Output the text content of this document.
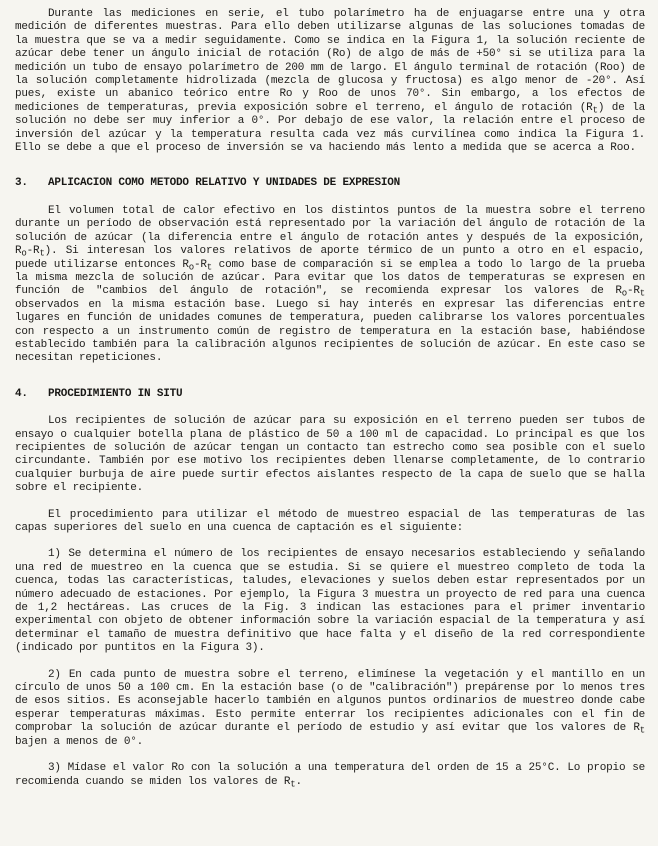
Durante las mediciones en serie, el tubo polarímetro ha de enjuagarse entre una y otra medición de diferentes muestras. Para ello deben utilizarse algunas de las soluciones tomadas de la muestra que se va a medir seguidamente. Como se indica en la Figura 1, la solución reciente de azúcar debe tener un ángulo inicial de rotación (Ro) de algo de más de +50° si se utiliza para la medición un tubo de ensayo polarímetro de 200 mm de largo. El ángulo terminal de rotación (Roo) de la solución completamente hidrolizada (mezcla de glucosa y fructosa) es algo menor de -20°. Así pues, existe un abanico teórico entre Ro y Roo de unos 70°. Sin embargo, a los efectos de mediciones de temperaturas, previa exposición sobre el terreno, el ángulo de rotación $(R_t)$ de la solución no debe ser muy inferior a 0°. Por debajo de ese valor, la relación entre el proceso de inversión del azúcar y la temperatura resulta cada vez más curvilínea como indica la Figura 1. Ello se debe a que el proceso de inversión se va haciendo más lento a medida que se acerca a Roo.

3. APLICACION COMO METODO RELATIVO Y UNIDADES DE EXPRESION

El volumen total de calor efectivo en los distintos puntos de la muestra sobre el terreno durante un período de observación está representado por la variación del ángulo de rotación de la solución de azúcar (la diferencia entre el ángulo de rotación antes y después de la exposición, $R_o-R_t$). Si interesan los valores relativos de aporte térmico de un punto a otro en el espacio, puede utilizarse entonces $R_o-R_t$ como base de comparación si se emplea a todo lo largo de la prueba la misma mezcla de solución de azúcar. Para evitar que los datos de temperaturas se expresen en función de "cambios del ángulo de rotación", se recomienda expresar los valores de $R_o-R_t$ observados en la misma estación base. Luego si hay interés en expresar las diferencias entre lugares en función de unidades comunes de temperatura, pueden calibrarse los valores porcentuales con respecto a un instrumento común de registro de temperatura en la estación base, habiéndose establecido también para la calibración algunos recipientes de solución de azúcar. En este caso se necesitan repeticiones.

4. PROCEDIMIENTO IN SITU

Los recipientes de solución de azúcar para su exposición en el terreno pueden ser tubos de ensayo o cualquier botella plana de plástico de 50 a 100 ml de capacidad. Lo principal es que los recipientes de solución de azúcar tengan un contacto tan estrecho como sea posible con el suelo circundante. También por ese motivo los recipientes deben llenarse completamente, de lo contrario cualquier burbuja de aire puede surtir efectos aislantes respecto de la capa de suelo que se halla sobre el recipiente.

El procedimiento para utilizar el método de muestreo espacial de las temperaturas de las capas superiores del suelo en una cuenca de captación es el siguiente:

1) Se determina el número de los recipientes de ensayo necesarios estableciendo y señalando una red de muestreo en la cuenca que se estudia. Si se quiere el muestreo completo de toda la cuenca, todas las características, taludes, elevaciones y suelos deben estar representados por un número adecuado de estaciones. Por ejemplo, la Figura 3 muestra un proyecto de red para una cuenca de 1,2 hectáreas. Las cruces de la Fig. 3 indican las estaciones para el primer inventario experimental con objeto de obtener información sobre la variación espacial de la temperatura y así determinar el tamaño de muestra definitivo que hace falta y el diseño de la red correspondiente (indicado por puntitos en la Figura 3).

2) En cada punto de muestra sobre el terreno, elimínese la vegetación y el mantillo en un círculo de unos 50 a 100 cm. En la estación base (o de "calibración") prepárense por lo menos tres de esos sitios. Es aconsejable hacerlo también en algunos puntos ordinarios de muestreo donde cabe esperar temperaturas máximas. Esto permite enterrar los recipientes adicionales con el fin de comprobar la solución de azúcar durante el período de estudio y así evitar que los valores de $R_t$ bajen a menos de 0°.

3) Mídase el valor Ro con la solución a una temperatura del orden de 15 a 25°C. Lo propio se recomienda cuando se miden los valores de $R_t$.
